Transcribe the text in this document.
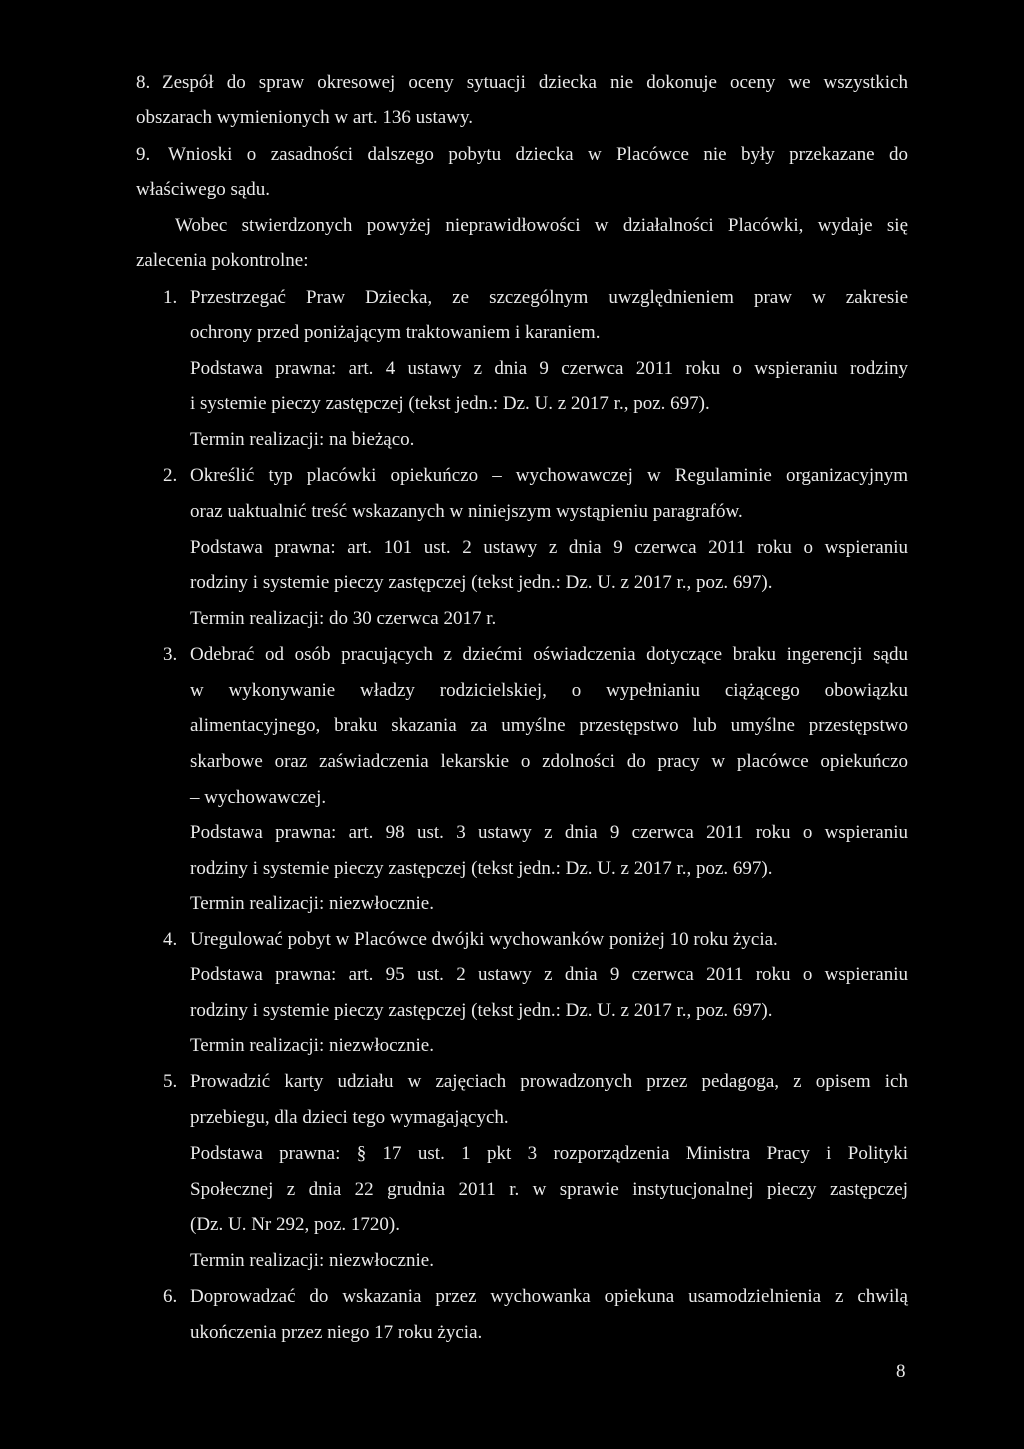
8. Zespół do spraw okresowej oceny sytuacji dziecka nie dokonuje oceny we wszystkich
obszarach wymienionych w art. 136 ustawy.
9. Wnioski o zasadności dalszego pobytu dziecka w Placówce nie były przekazane do
właściwego sądu.
Wobec stwierdzonych powyżej nieprawidłowości w działalności Placówki, wydaje się
zalecenia pokontrolne:
1. Przestrzegać Praw Dziecka, ze szczególnym uwzględnieniem praw w zakresie
ochrony przed poniżającym traktowaniem i karaniem.
Podstawa prawna: art. 4 ustawy z dnia 9 czerwca 2011 roku o wspieraniu rodziny
i systemie pieczy zastępczej (tekst jedn.: Dz. U. z 2017 r., poz. 697).
Termin realizacji: na bieżąco.
2. Określić typ placówki opiekuńczo – wychowawczej w Regulaminie organizacyjnym
oraz uaktualnić treść wskazanych w niniejszym wystąpieniu paragrafów.
Podstawa prawna: art. 101 ust. 2 ustawy z dnia 9 czerwca 2011 roku o wspieraniu
rodziny i systemie pieczy zastępczej (tekst jedn.: Dz. U. z 2017 r., poz. 697).
Termin realizacji: do 30 czerwca 2017 r.
3. Odebrać od osób pracujących z dziećmi oświadczenia dotyczące braku ingerencji sądu
w wykonywanie władzy rodzicielskiej, o wypełnianiu ciążącego obowiązku
alimentacyjnego, braku skazania za umyślne przestępstwo lub umyślne przestępstwo
skarbowe oraz zaświadczenia lekarskie o zdolności do pracy w placówce opiekuńczo
– wychowawczej.
Podstawa prawna: art. 98 ust. 3 ustawy z dnia 9 czerwca 2011 roku o wspieraniu
rodziny i systemie pieczy zastępczej (tekst jedn.: Dz. U. z 2017 r., poz. 697).
Termin realizacji: niezwłocznie.
4. Uregulować pobyt w Placówce dwójki wychowanków poniżej 10 roku życia.
Podstawa prawna: art. 95 ust. 2 ustawy z dnia 9 czerwca 2011 roku o wspieraniu
rodziny i systemie pieczy zastępczej (tekst jedn.: Dz. U. z 2017 r., poz. 697).
Termin realizacji: niezwłocznie.
5. Prowadzić karty udziału w zajęciach prowadzonych przez pedagoga, z opisem ich
przebiegu, dla dzieci tego wymagających.
Podstawa prawna: § 17 ust. 1 pkt 3 rozporządzenia Ministra Pracy i Polityki
Społecznej z dnia 22 grudnia 2011 r. w sprawie instytucjonalnej pieczy zastępczej
(Dz. U. Nr 292, poz. 1720).
Termin realizacji: niezwłocznie.
6. Doprowadzać do wskazania przez wychowanka opiekuna usamodzielnienia z chwilą
ukończenia przez niego 17 roku życia.
8
